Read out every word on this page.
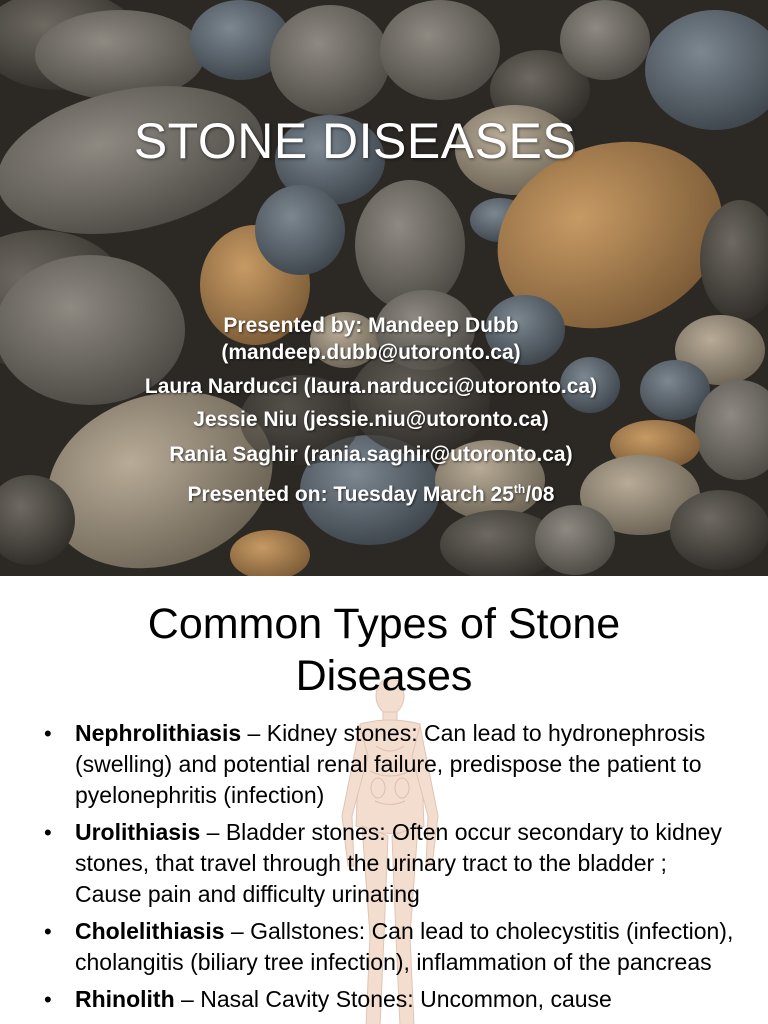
STONE DISEASES
Presented by: Mandeep Dubb
(mandeep.dubb@utoronto.ca)
Laura Narducci (laura.narducci@utoronto.ca)
Jessie Niu (jessie.niu@utoronto.ca)
Rania Saghir (rania.saghir@utoronto.ca)
Presented on: Tuesday March 25th/08
Common Types of Stone
Diseases
• Nephrolithiasis – Kidney stones: Can lead to hydronephrosis (swelling) and potential renal failure, predispose the patient to pyelonephritis (infection)
• Urolithiasis – Bladder stones: Often occur secondary to kidney stones, that travel through the urinary tract to the bladder ; Cause pain and difficulty urinating
• Cholelithiasis – Gallstones: Can lead to cholecystitis (infection), cholangitis (biliary tree infection), inflammation of the pancreas
• Rhinolith – Nasal Cavity Stones: Uncommon, cause
